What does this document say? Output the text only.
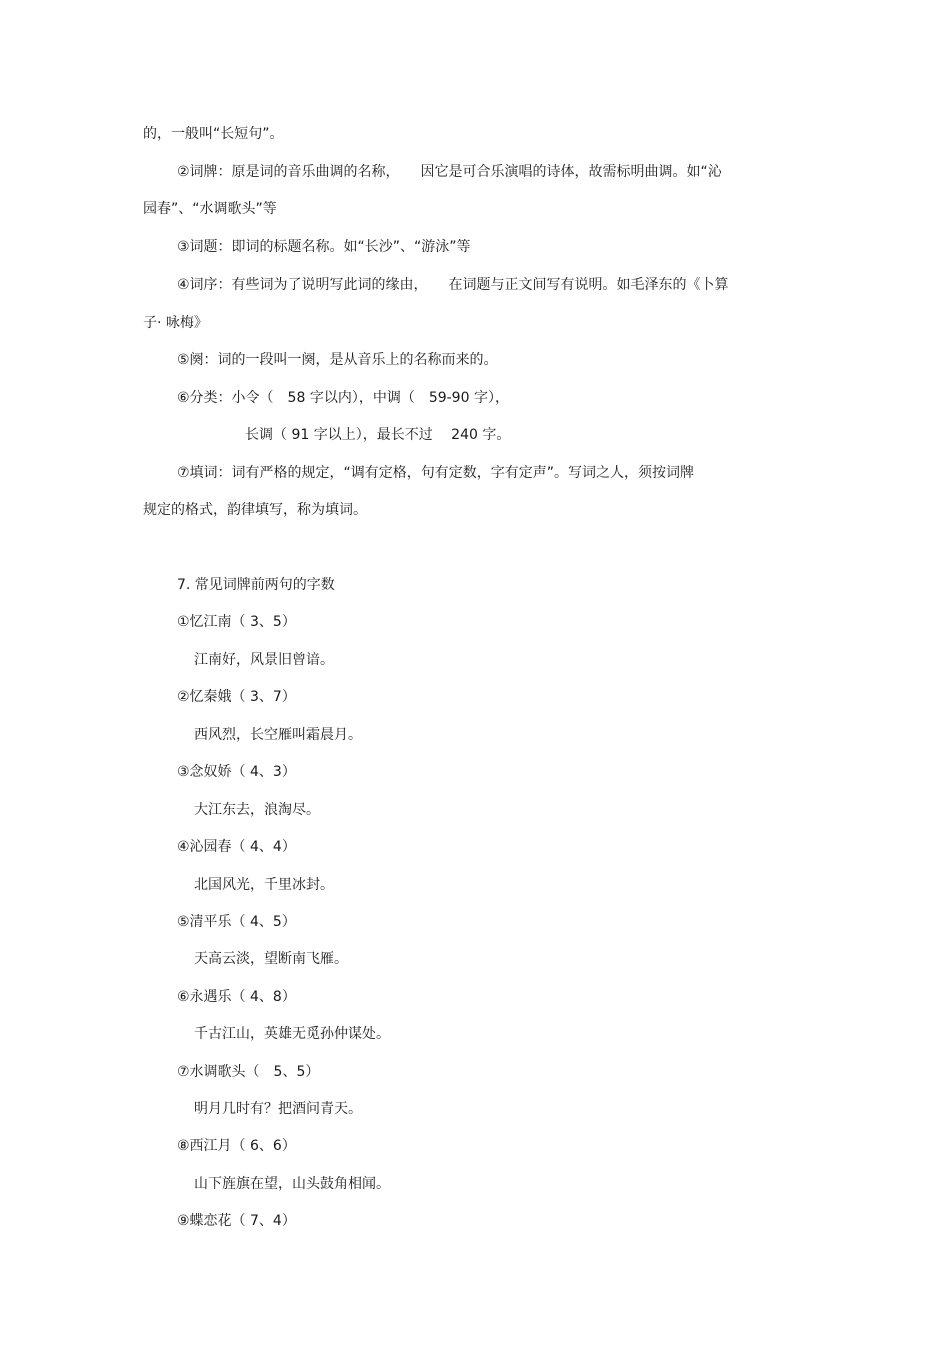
的，一般叫“长短句”。

②词牌：原是词的音乐曲调的名称，　　因它是可合乐演唱的诗体，故需标明曲调。如“沁

园春”、“水调歌头”等

③词题：即词的标题名称。如“长沙”、“游泳”等

④词序：有些词为了说明写此词的缘由，　　在词题与正文间写有说明。如毛泽东的《卜算

子· 咏梅》

⑤阕：词的一段叫一阕，是从音乐上的名称而来的。

⑥分类：小令（　58 字以内），中调（　59-90 字），

长调（ 91 字以上），最长不过　 240 字。

⑦填词：词有严格的规定，“调有定格，句有定数，字有定声”。写词之人，须按词牌

规定的格式，韵律填写，称为填词。

7. 常见词牌前两句的字数

①忆江南（ 3、5）

江南好，风景旧曾谙。

②忆秦娥（ 3、7）

西风烈，长空雁叫霜晨月。

③念奴娇（ 4、3）

大江东去，浪淘尽。

④沁园春（ 4、4）

北国风光，千里冰封。

⑤清平乐（ 4、5）

天高云淡，望断南飞雁。

⑥永遇乐（ 4、8）

千古江山，英雄无觅孙仲谋处。

⑦水调歌头（　5、5）

明月几时有？把酒问青天。

⑧西江月（ 6、6）

山下旌旗在望，山头鼓角相闻。

⑨蝶恋花（ 7、4）
